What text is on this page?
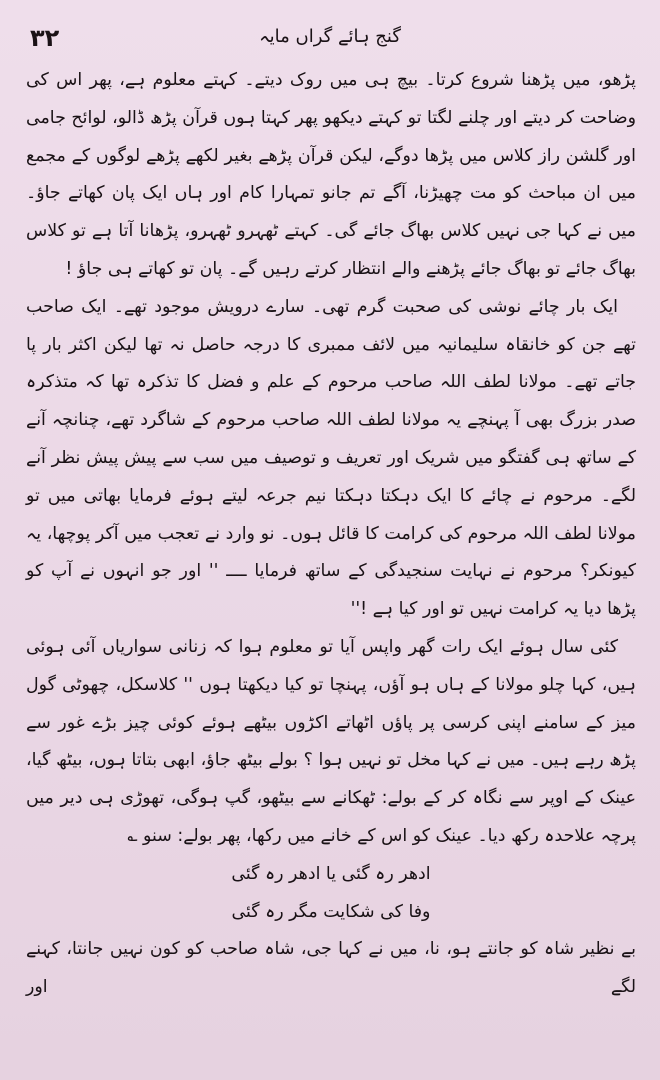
۳۲	گنج ہائے گراں مایہ

پڑھو، میں پڑھنا شروع کرتا۔ بیچ ہی میں روک دیتے۔ کہتے معلوم ہے، پھر اس کی وضاحت کر دیتے اور چلنے لگتا تو کہتے دیکھو پھر کہتا ہوں قرآن پڑھ ڈالو، لوائح جامی اور گلشن راز کلاس میں پڑھا دوگے، لیکن قرآن پڑھے بغیر لکھے پڑھے لوگوں کے مجمع میں ان مباحث کو مت چھیڑنا، آگے تم جانو تمہارا کام اور ہاں ایک پان کھاتے جاؤ۔ میں نے کہا جی نہیں کلاس بھاگ جائے گی۔ کہتے ٹھہرو ٹھہرو، پڑھانا آتا ہے تو کلاس بھاگ جائے تو بھاگ جائے پڑھنے والے انتظار کرتے رہیں گے۔ پان تو کھاتے ہی جاؤ !

ایک بار چائے نوشی کی صحبت گرم تھی۔ سارے درویش موجود تھے۔ ایک صاحب تھے جن کو خانقاہ سلیمانیہ میں لائف ممبری کا درجہ حاصل نہ تھا لیکن اکثر بار پا جاتے تھے۔ مولانا لطف اللہ صاحب مرحوم کے علم و فضل کا تذکرہ تھا کہ متذکرہ صدر بزرگ بھی آ پہنچے یہ مولانا لطف اللہ صاحب مرحوم کے شاگرد تھے، چنانچہ آنے کے ساتھ ہی گفتگو میں شریک اور تعریف و توصیف میں سب سے پیش پیش نظر آنے لگے۔ مرحوم نے چائے کا ایک دہکتا دہکتا نیم جرعہ لیتے ہوئے فرمایا بھاتی میں تو مولانا لطف اللہ مرحوم کی کرامت کا قائل ہوں۔ نو وارد نے تعجب میں آکر پوچھا، یہ کیونکر؟ مرحوم نے نہایت سنجیدگی کے ساتھ فرمایا ــــ '' اور جو انہوں نے آپ کو پڑھا دیا یہ کرامت نہیں تو اور کیا ہے !''

کئی سال ہوئے ایک رات گھر واپس آیا تو معلوم ہوا کہ زنانی سواریاں آئی ہوئی ہیں، کہا چلو مولانا کے ہاں ہو آؤں، پہنچا تو کیا دیکھتا ہوں '' کلاسکل، چھوٹی گول میز کے سامنے اپنی کرسی پر پاؤں اٹھاتے اکڑوں بیٹھے ہوئے کوئی چیز بڑے غور سے پڑھ رہے ہیں۔ میں نے کہا مخل تو نہیں ہوا ؟ بولے بیٹھ جاؤ، ابھی بتاتا ہوں، بیٹھ گیا، عینک کے اوپر سے نگاہ کر کے بولے: ٹھکانے سے بیٹھو، گپ ہوگی، تھوڑی ہی دیر میں پرچہ علاحدہ رکھ دیا۔ عینک کو اس کے خانے میں رکھا، پھر بولے: سنو ؎

ادھر رہ گئی یا ادھر رہ گئی

وفا کی شکایت مگر رہ گئی

بے نظیر شاہ کو جانتے ہو، نا، میں نے کہا جی، شاہ صاحب کو کون نہیں جانتا، کہنے لگے اور
